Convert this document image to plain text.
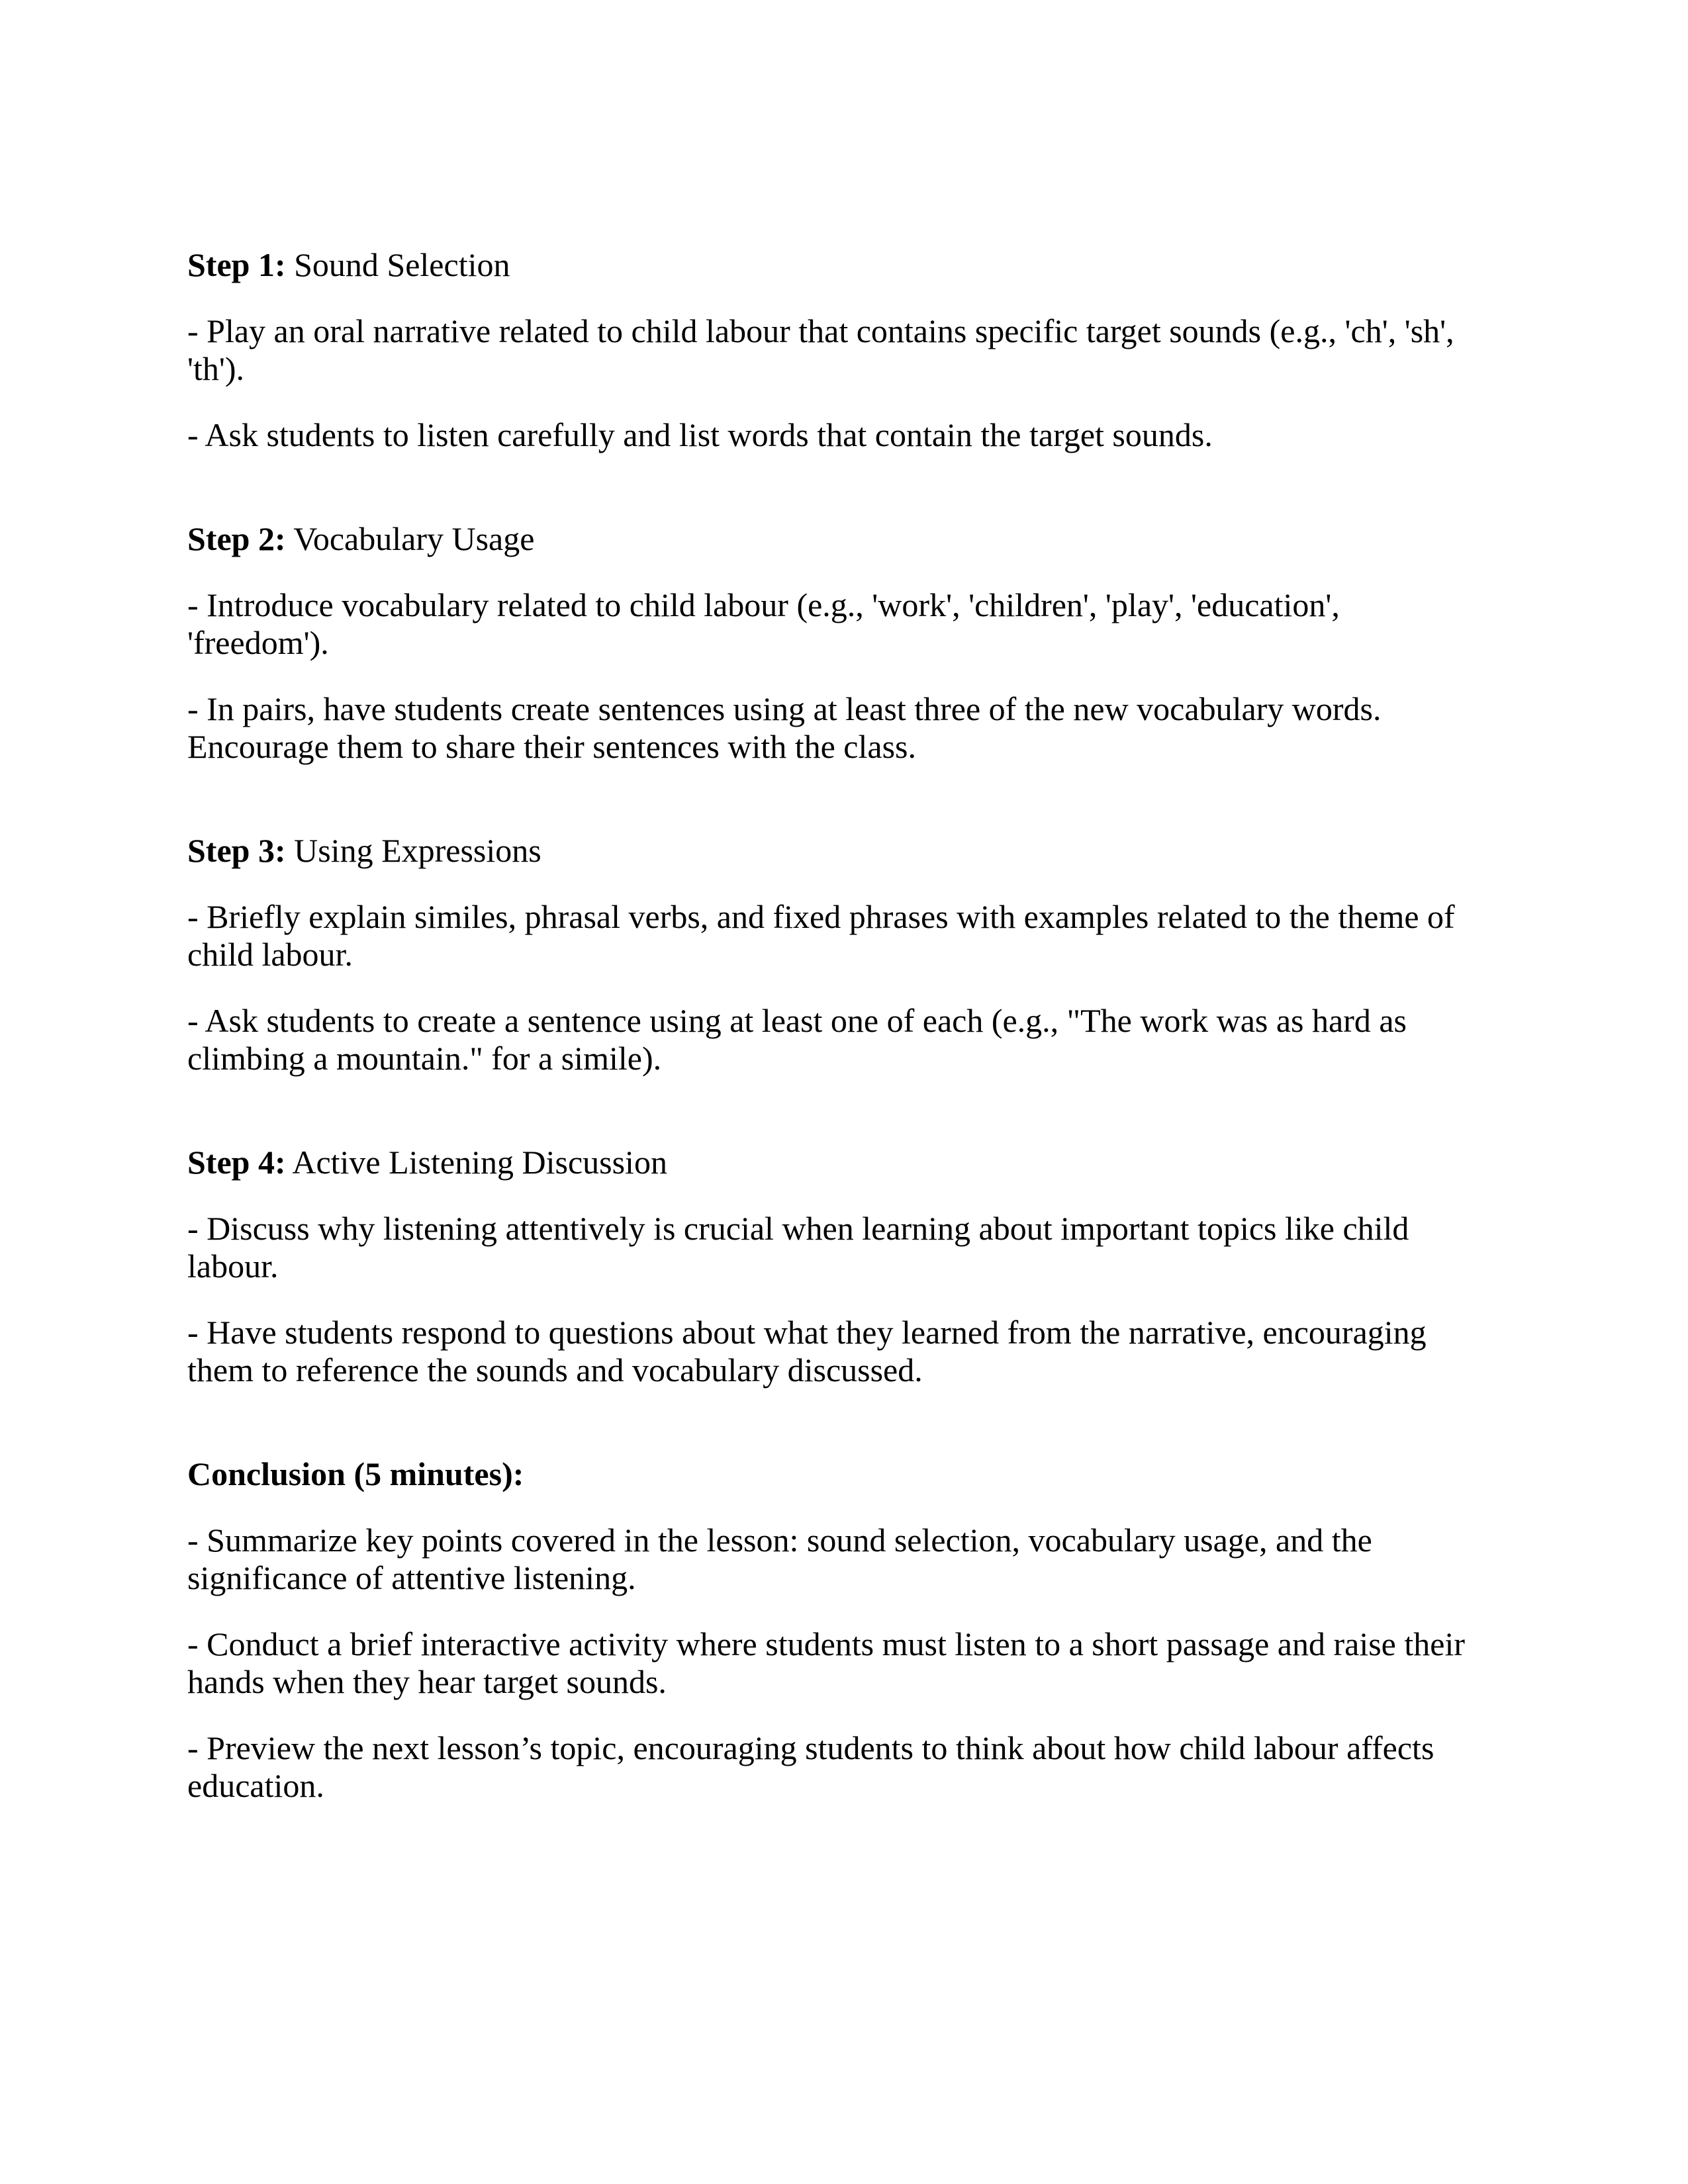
Step 1: Sound Selection

- Play an oral narrative related to child labour that contains specific target sounds (e.g., 'ch', 'sh', 'th').

- Ask students to listen carefully and list words that contain the target sounds.

Step 2: Vocabulary Usage

- Introduce vocabulary related to child labour (e.g., 'work', 'children', 'play', 'education', 'freedom').

- In pairs, have students create sentences using at least three of the new vocabulary words. Encourage them to share their sentences with the class.

Step 3: Using Expressions

- Briefly explain similes, phrasal verbs, and fixed phrases with examples related to the theme of child labour.

- Ask students to create a sentence using at least one of each (e.g., "The work was as hard as climbing a mountain." for a simile).

Step 4: Active Listening Discussion

- Discuss why listening attentively is crucial when learning about important topics like child labour.

- Have students respond to questions about what they learned from the narrative, encouraging them to reference the sounds and vocabulary discussed.

Conclusion (5 minutes):

- Summarize key points covered in the lesson: sound selection, vocabulary usage, and the significance of attentive listening.

- Conduct a brief interactive activity where students must listen to a short passage and raise their hands when they hear target sounds.

- Preview the next lesson’s topic, encouraging students to think about how child labour affects education.
